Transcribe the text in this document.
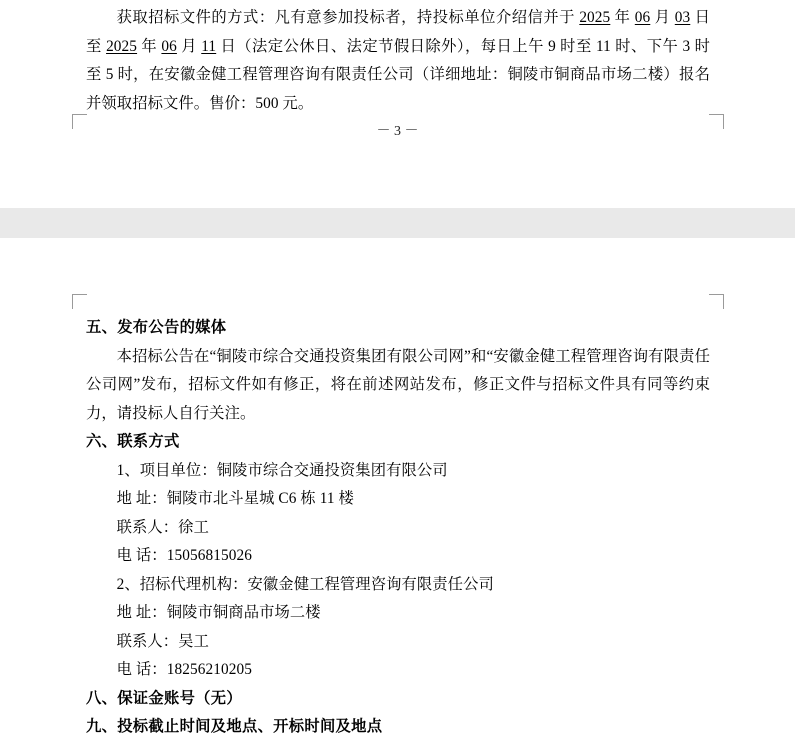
获取招标文件的方式：凡有意参加投标者，持投标单位介绍信并于 2025 年 06 月 03 日至 2025 年 06 月 11 日（法定公休日、法定节假日除外），每日上午 9 时至 11 时、下午 3 时至 5 时，在安徽金健工程管理咨询有限责任公司（详细地址：铜陵市铜商品市场二楼）报名并领取招标文件。售价：500 元。

－ 3 －

五、发布公告的媒体

本招标公告在“铜陵市综合交通投资集团有限公司网”和“安徽金健工程管理咨询有限责任公司网”发布，招标文件如有修正，将在前述网站发布，修正文件与招标文件具有同等约束力，请投标人自行关注。

六、联系方式

1、项目单位：铜陵市综合交通投资集团有限公司

地 址：铜陵市北斗星城 C6 栋 11 楼

联系人：徐工

电 话：15056815026

2、招标代理机构：安徽金健工程管理咨询有限责任公司

地 址：铜陵市铜商品市场二楼

联系人：吴工

电 话：18256210205

八、保证金账号（无）

九、投标截止时间及地点、开标时间及地点
